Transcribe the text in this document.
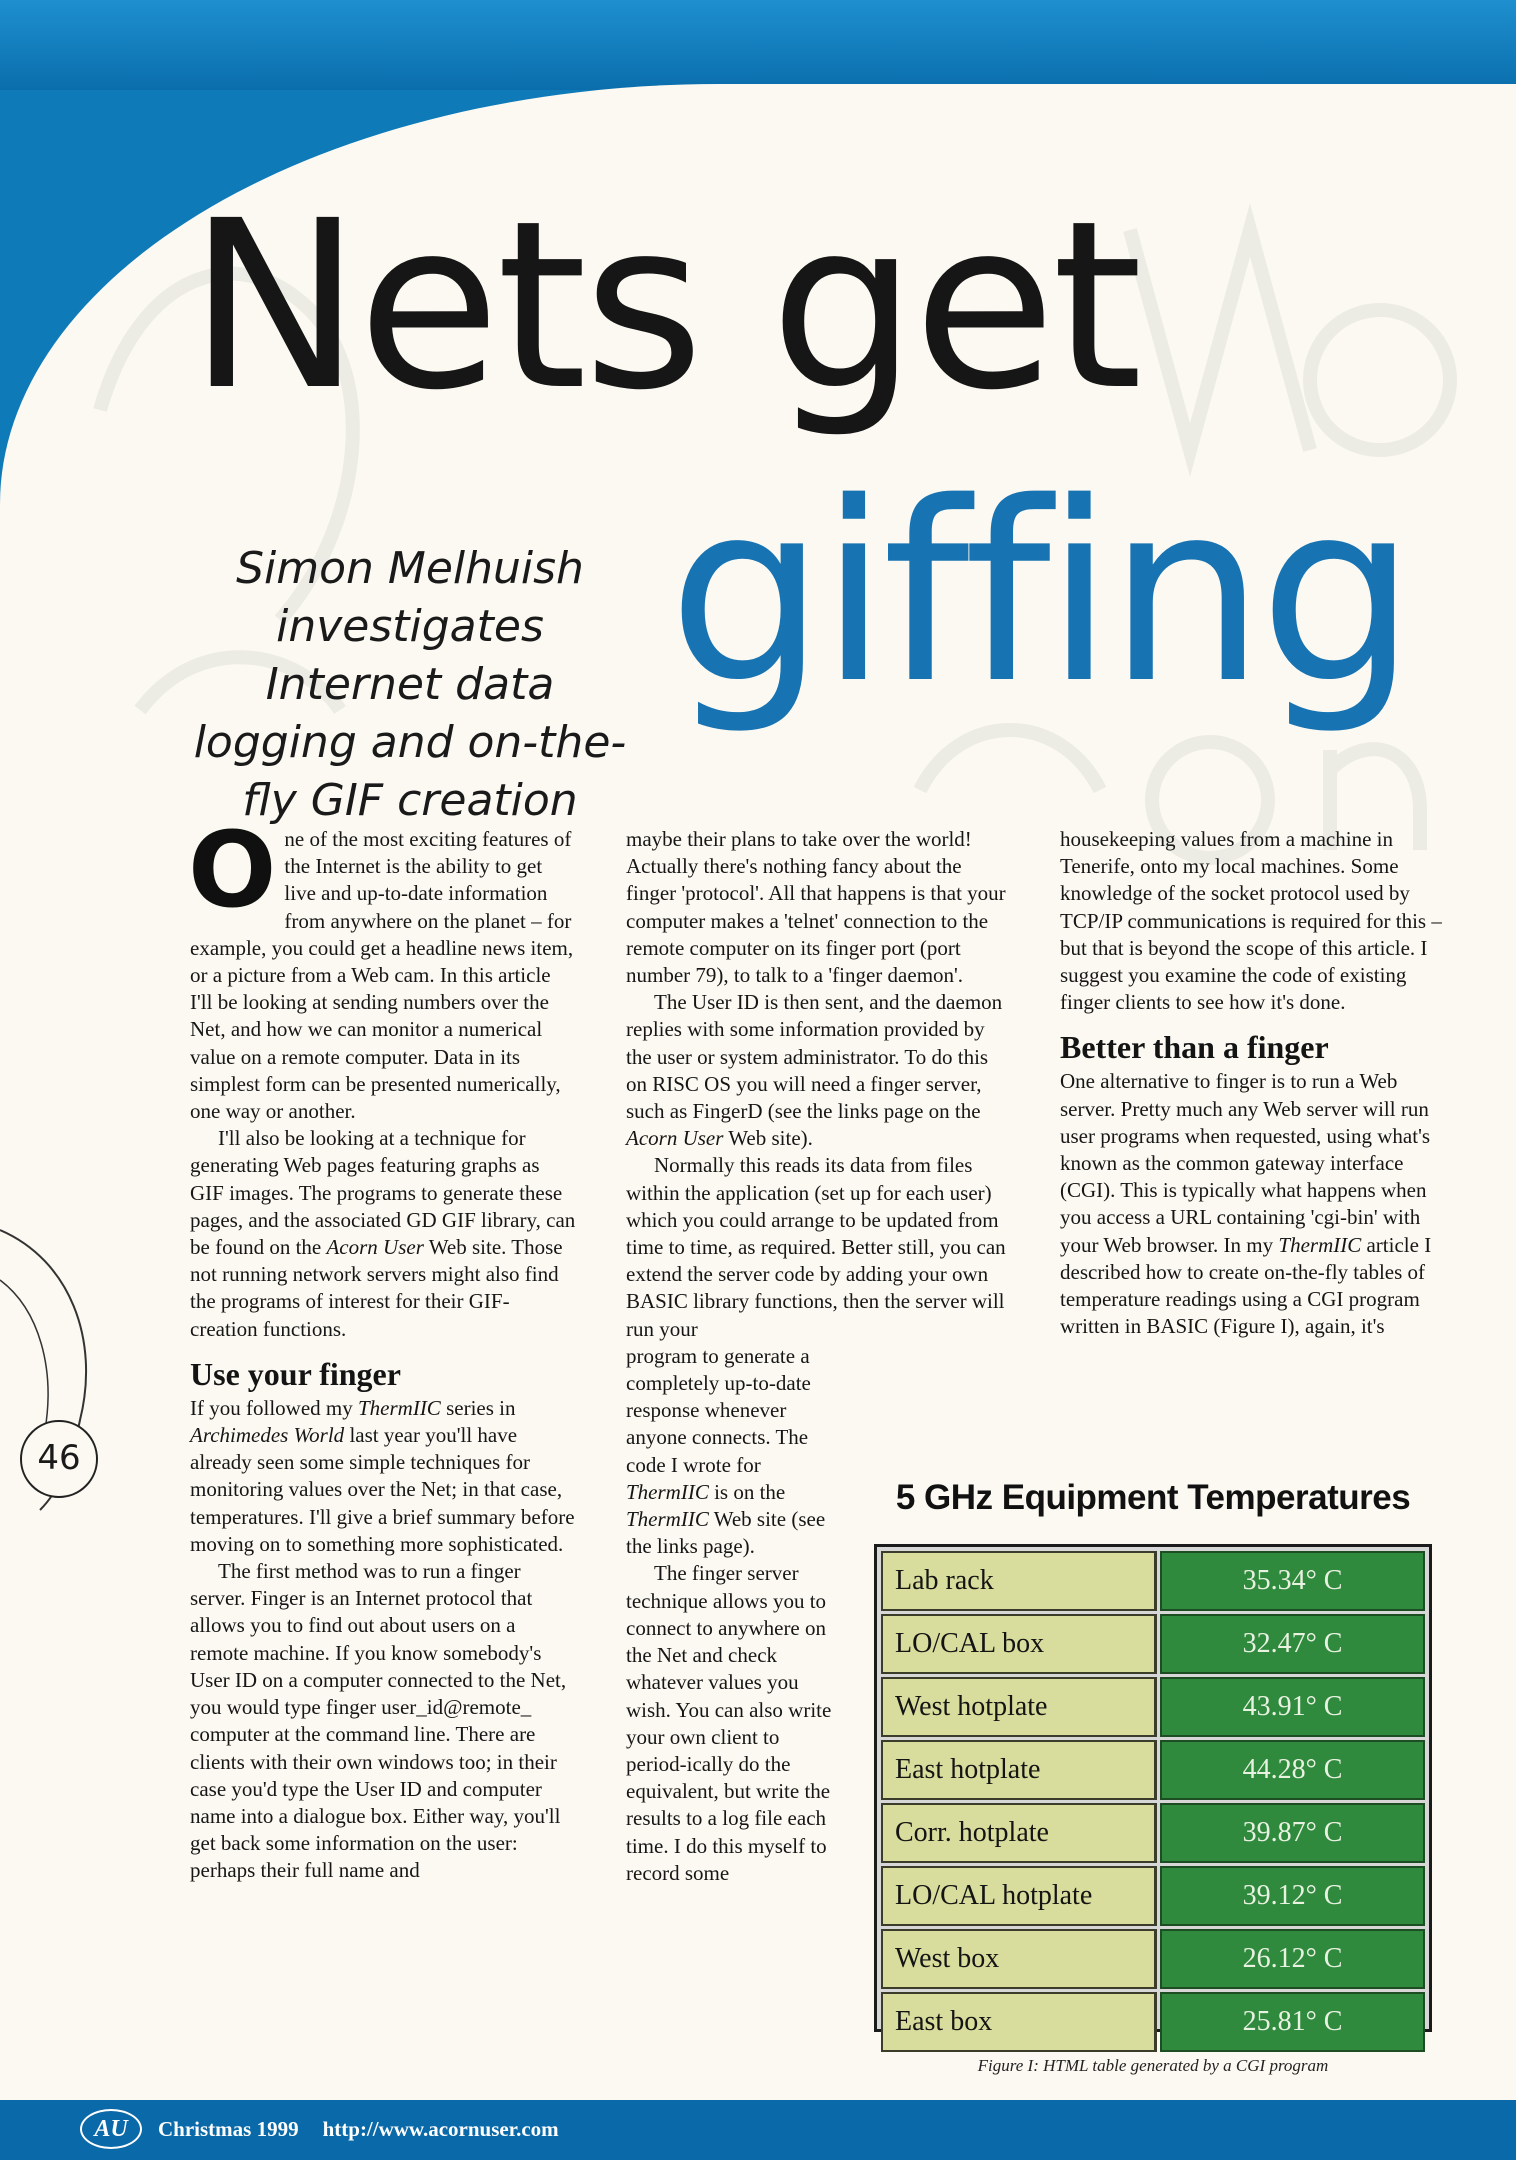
Nets get
giffing
Simon Melhuish investigates Internet data logging and on-the-fly GIF creation
46

One of the most exciting features of the Internet is the ability to get live and up-to-date information from anywhere on the planet – for example, you could get a headline news item, or a picture from a Web cam. In this article I'll be looking at sending numbers over the Net, and how we can monitor a numerical value on a remote computer. Data in its simplest form can be presented numerically, one way or another.

I'll also be looking at a technique for generating Web pages featuring graphs as GIF images. The programs to generate these pages, and the associated GD GIF library, can be found on the Acorn User Web site. Those not running network servers might also find the programs of interest for their GIF-creation functions.

Use your finger

If you followed my ThermIIC series in Archimedes World last year you'll have already seen some simple techniques for monitoring values over the Net; in that case, temperatures. I'll give a brief summary before moving on to something more sophisticated.

The first method was to run a finger server. Finger is an Internet protocol that allows you to find out about users on a remote machine. If you know somebody's User ID on a computer connected to the Net, you would type finger user_id@remote_ computer at the command line. There are clients with their own windows too; in their case you'd type the User ID and computer name into a dialogue box. Either way, you'll get back some information on the user: perhaps their full name and

maybe their plans to take over the world! Actually there's nothing fancy about the finger 'protocol'. All that happens is that your computer makes a 'telnet' connection to the remote computer on its finger port (port number 79), to talk to a 'finger daemon'.

The User ID is then sent, and the daemon replies with some information provided by the user or system administrator. To do this on RISC OS you will need a finger server, such as FingerD (see the links page on the Acorn User Web site).

Normally this reads its data from files within the application (set up for each user) which you could arrange to be updated from time to time, as required. Better still, you can extend the server code by adding your own BASIC library functions, then the server will run your

program to generate a completely up-to-date response whenever anyone connects. The code I wrote for ThermIIC is on the ThermIIC Web site (see the links page).

The finger server technique allows you to connect to anywhere on the Net and check whatever values you wish. You can also write your own client to period-ically do the equivalent, but write the results to a log file each time. I do this myself to record some

housekeeping values from a machine in Tenerife, onto my local machines. Some knowledge of the socket protocol used by TCP/IP communications is required for this – but that is beyond the scope of this article. I suggest you examine the code of existing finger clients to see how it's done.

Better than a finger

One alternative to finger is to run a Web server. Pretty much any Web server will run user programs when requested, using what's known as the common gateway interface (CGI). This is typically what happens when you access a URL containing 'cgi-bin' with your Web browser. In my ThermIIC article I described how to create on-the-fly tables of temperature readings using a CGI program written in BASIC (Figure I), again, it's

5 GHz Equipment Temperatures
Lab rack	35.34° C
LO/CAL box	32.47° C
West hotplate	43.91° C
East hotplate	44.28° C
Corr. hotplate	39.87° C
LO/CAL hotplate	39.12° C
West box	26.12° C
East box	25.81° C
Figure I: HTML table generated by a CGI program
AU	Christmas 1999 http://www.acornuser.com
